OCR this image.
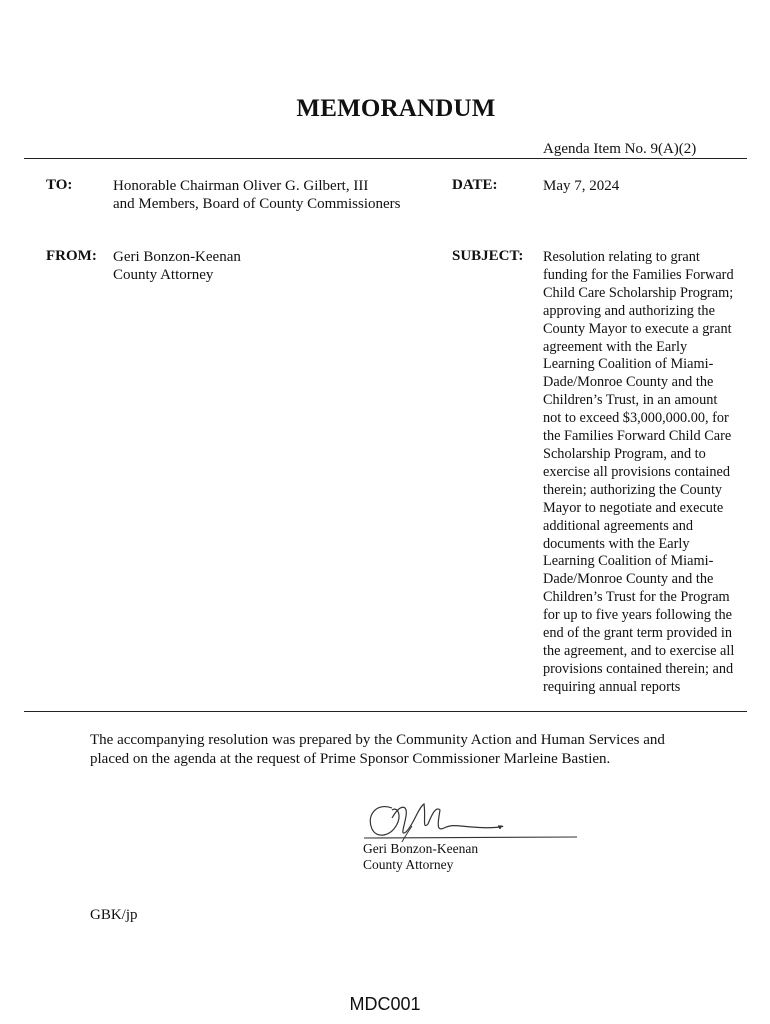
MEMORANDUM
Agenda Item No. 9(A)(2)
TO:	Honorable Chairman Oliver G. Gilbert, III
and Members, Board of County Commissioners
DATE:	May 7, 2024
FROM: Geri Bonzon-Keenan
County Attorney
SUBJECT: Resolution relating to grant
funding for the Families Forward
Child Care Scholarship Program;
approving and authorizing the
County Mayor to execute a grant
agreement with the Early
Learning Coalition of Miami-
Dade/Monroe County and the
Children’s Trust, in an amount
not to exceed $3,000,000.00, for
the Families Forward Child Care
Scholarship Program, and to
exercise all provisions contained
therein; authorizing the County
Mayor to negotiate and execute
additional agreements and
documents with the Early
Learning Coalition of Miami-
Dade/Monroe County and the
Children’s Trust for the Program
for up to five years following the
end of the grant term provided in
the agreement, and to exercise all
provisions contained therein; and
requiring annual reports
The accompanying resolution was prepared by the Community Action and Human Services and
placed on the agenda at the request of Prime Sponsor Commissioner Marleine Bastien.
Geri Bonzon-Keenan
County Attorney
GBK/jp
MDC001
